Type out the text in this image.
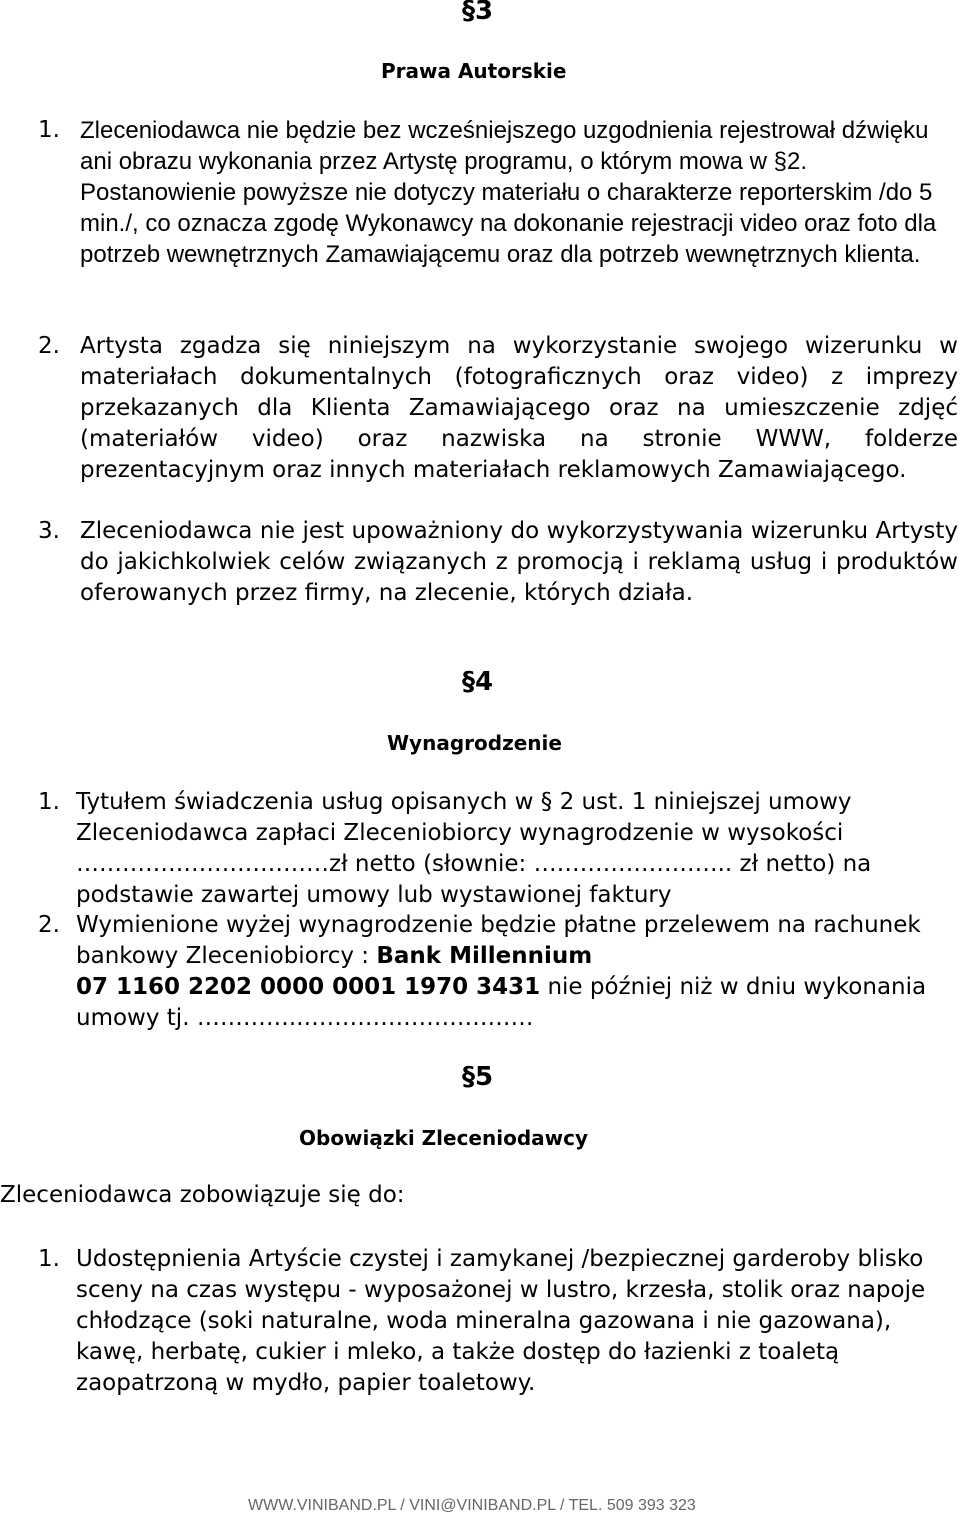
§3
Prawa Autorskie
1. Zleceniodawca nie będzie bez wcześniejszego uzgodnienia rejestrował dźwięku ani obrazu wykonania przez Artystę programu, o którym mowa w §2. Postanowienie powyższe nie dotyczy materiału o charakterze reporterskim /do 5 min./, co oznacza zgodę Wykonawcy na dokonanie rejestracji video oraz foto dla potrzeb wewnętrznych Zamawiającemu oraz dla potrzeb wewnętrznych klienta.
2. Artysta zgadza się niniejszym na wykorzystanie swojego wizerunku w materiałach dokumentalnych (fotograficznych oraz video) z imprezy przekazanych dla Klienta Zamawiającego oraz na umieszczenie zdjęć (materiałów video) oraz nazwiska na stronie WWW, folderze prezentacyjnym oraz innych materiałach reklamowych Zamawiającego.
3. Zleceniodawca nie jest upoważniony do wykorzystywania wizerunku Artysty do jakichkolwiek celów związanych z promocją i reklamą usług i produktów oferowanych przez firmy, na zlecenie, których działa.
§4
Wynagrodzenie
1. Tytułem świadczenia usług opisanych w § 2 ust. 1 niniejszej umowy Zleceniodawca zapłaci Zleceniobiorcy wynagrodzenie w wysokości ……………………………zł netto (słownie: …………………….. zł netto) na podstawie zawartej umowy lub wystawionej faktury
2. Wymienione wyżej wynagrodzenie będzie płatne przelewem na rachunek bankowy Zleceniobiorcy : Bank Millennium
07 1160 2202 0000 0001 1970 3431 nie później niż w dniu wykonania umowy tj. …………..…………………………
§5
Obowiązki Zleceniodawcy
Zleceniodawca zobowiązuje się do:
1. Udostępnienia Artyście czystej i zamykanej /bezpiecznej garderoby blisko sceny na czas występu - wyposażonej w lustro, krzesła, stolik oraz napoje chłodzące (soki naturalne, woda mineralna gazowana i nie gazowana), kawę, herbatę, cukier i mleko, a także dostęp do łazienki z toaletą zaopatrzoną w mydło, papier toaletowy.
WWW.VINIBAND.PL / VINI@VINIBAND.PL / TEL. 509 393 323
